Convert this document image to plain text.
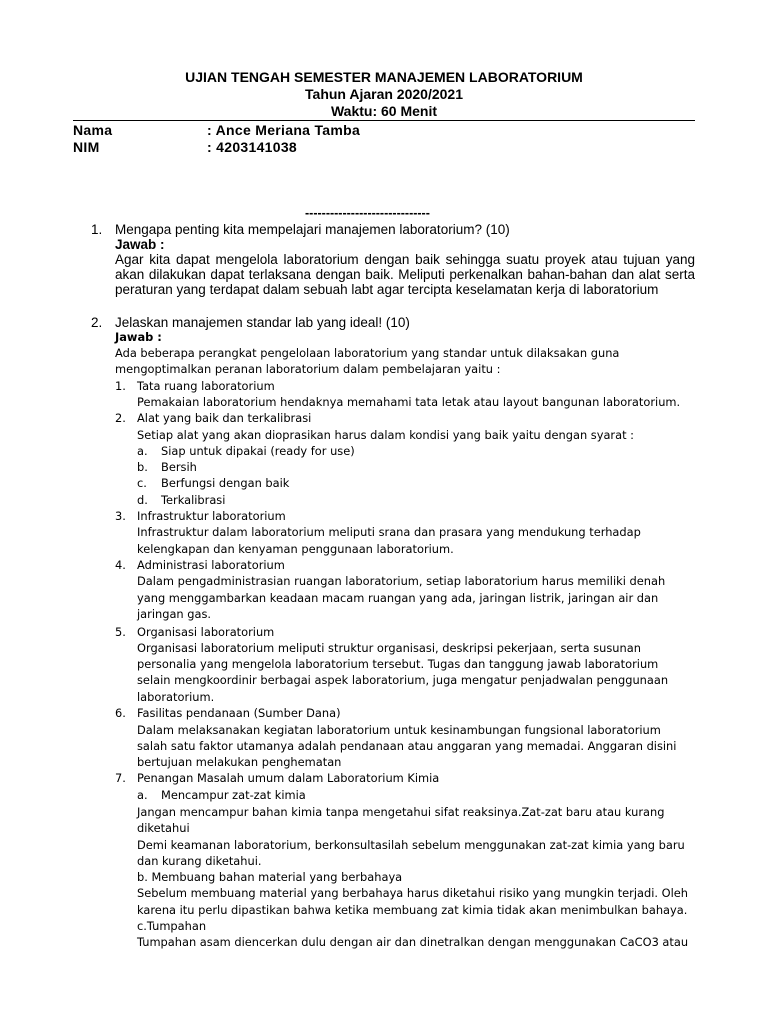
UJIAN TENGAH SEMESTER MANAJEMEN LABORATORIUM
Tahun Ajaran 2020/2021
Waktu: 60 Menit
Nama	: Ance Meriana Tamba
NIM	: 4203141038
------------------------------
1. Mengapa penting kita mempelajari manajemen laboratorium? (10)
Jawab :
Agar kita dapat mengelola laboratorium dengan baik sehingga suatu proyek atau tujuan yang akan dilakukan dapat terlaksana dengan baik. Meliputi perkenalkan bahan-bahan dan alat serta peraturan yang terdapat dalam sebuah labt agar tercipta keselamatan kerja di laboratorium
2. Jelaskan manajemen standar lab yang ideal! (10)
Jawab :
Ada beberapa perangkat pengelolaan laboratorium yang standar untuk dilaksakan guna
mengoptimalkan peranan laboratorium dalam pembelajaran yaitu :
1. Tata ruang laboratorium
Pemakaian laboratorium hendaknya memahami tata letak atau layout bangunan laboratorium.
2. Alat yang baik dan terkalibrasi
Setiap alat yang akan dioprasikan harus dalam kondisi yang baik yaitu dengan syarat :
a. Siap untuk dipakai (ready for use)
b. Bersih
c. Berfungsi dengan baik
d. Terkalibrasi
3. Infrastruktur laboratorium
Infrastruktur dalam laboratorium meliputi srana dan prasara yang mendukung terhadap
kelengkapan dan kenyaman penggunaan laboratorium.
4. Administrasi laboratorium
Dalam pengadministrasian ruangan laboratorium, setiap laboratorium harus memiliki denah
yang menggambarkan keadaan macam ruangan yang ada, jaringan listrik, jaringan air dan
jaringan gas.
5. Organisasi laboratorium
Organisasi laboratorium meliputi struktur organisasi, deskripsi pekerjaan, serta susunan
personalia yang mengelola laboratorium tersebut. Tugas dan tanggung jawab laboratorium
selain mengkoordinir berbagai aspek laboratorium, juga mengatur penjadwalan penggunaan
laboratorium.
6. Fasilitas pendanaan (Sumber Dana)
Dalam melaksanakan kegiatan laboratorium untuk kesinambungan fungsional laboratorium
salah satu faktor utamanya adalah pendanaan atau anggaran yang memadai. Anggaran disini
bertujuan melakukan penghematan
7. Penangan Masalah umum dalam Laboratorium Kimia
a. Mencampur zat-zat kimia
Jangan mencampur bahan kimia tanpa mengetahui sifat reaksinya.Zat-zat baru atau kurang
diketahui
Demi keamanan laboratorium, berkonsultasilah sebelum menggunakan zat-zat kimia yang baru
dan kurang diketahui.
b. Membuang bahan material yang berbahaya
Sebelum membuang material yang berbahaya harus diketahui risiko yang mungkin terjadi. Oleh
karena itu perlu dipastikan bahwa ketika membuang zat kimia tidak akan menimbulkan bahaya.
c.Tumpahan
Tumpahan asam diencerkan dulu dengan air dan dinetralkan dengan menggunakan CaCO3 atau
